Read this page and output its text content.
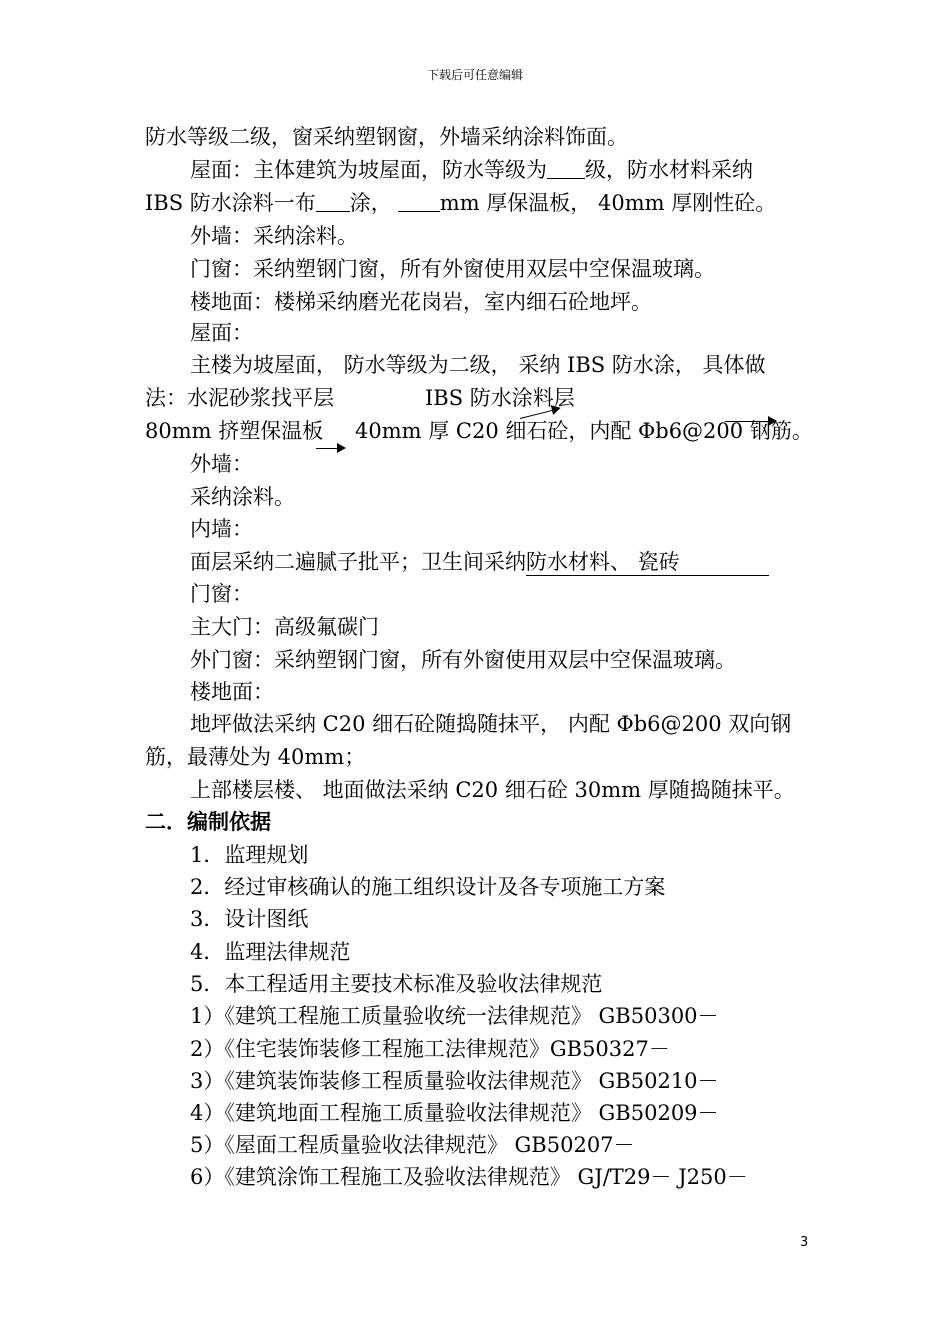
下载后可任意编辑
防水等级二级，窗采纳塑钢窗，外墙采纳涂料饰面。
屋面：主体建筑为坡屋面，防水等级为 级，防水材料采纳
IBS 防水涂料一布 涂， mm 厚保温板， 40mm 厚刚性砼。
外墙：采纳涂料。
门窗：采纳塑钢门窗，所有外窗使用双层中空保温玻璃。
楼地面：楼梯采纳磨光花岗岩，室内细石砼地坪。
屋面：
主楼为坡屋面， 防水等级为二级， 采纳 IBS 防水涂， 具体做
法：水泥砂浆找平层	IBS 防水涂料层
80mm 挤塑保温板 40mm 厚 C20 细石砼，内配 Φb6@200 钢筋。
外墙：
采纳涂料。
内墙：
面层采纳二遍腻子批平；卫生间采纳防水材料、 瓷砖
门窗：
主大门：高级氟碳门
外门窗：采纳塑钢门窗，所有外窗使用双层中空保温玻璃。
楼地面：
地坪做法采纳 C20 细石砼随捣随抹平， 内配 Φb6@200 双向钢
筋，最薄处为 40mm；
上部楼层楼、 地面做法采纳 C20 细石砼 30mm 厚随捣随抹平。
二．编制依据
1．监理规划
2．经过审核确认的施工组织设计及各专项施工方案
3．设计图纸
4．监理法律规范
5．本工程适用主要技术标准及验收法律规范
1）《建筑工程施工质量验收统一法律规范》 GB50300－
2）《住宅装饰装修工程施工法律规范》GB50327－
3）《建筑装饰装修工程质量验收法律规范》 GB50210－
4）《建筑地面工程施工质量验收法律规范》 GB50209－
5）《屋面工程质量验收法律规范》 GB50207－
6）《建筑涂饰工程施工及验收法律规范》 GJ/T29－ J250－
3
